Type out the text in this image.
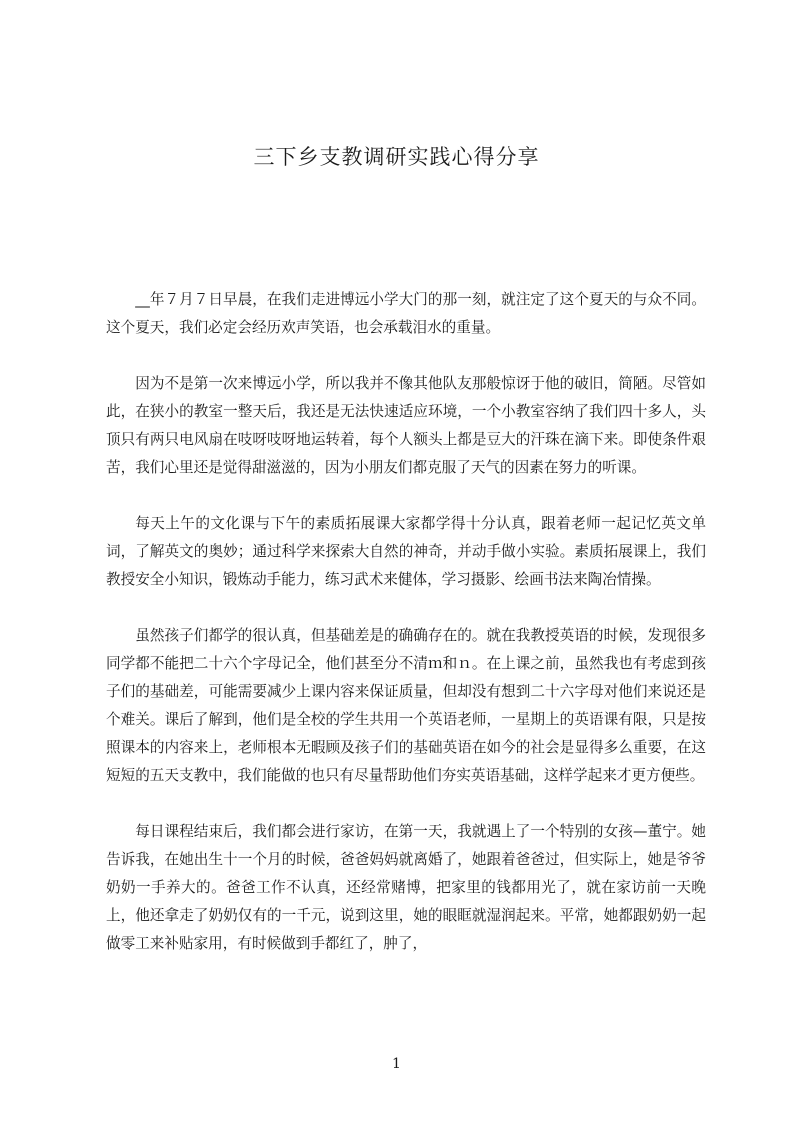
三下乡支教调研实践心得分享

__年７月７日早晨，在我们走进博远小学大门的那一刻，就注定了这个夏天的与众不同。这个夏天，我们必定会经历欢声笑语，也会承载泪水的重量。

因为不是第一次来博远小学，所以我并不像其他队友那般惊讶于他的破旧，简陋。尽管如此，在狭小的教室一整天后，我还是无法快速适应环境，一个小教室容纳了我们四十多人，头顶只有两只电风扇在吱呀吱呀地运转着，每个人额头上都是豆大的汗珠在滴下来。即使条件艰苦，我们心里还是觉得甜滋滋的，因为小朋友们都克服了天气的因素在努力的听课。

每天上午的文化课与下午的素质拓展课大家都学得十分认真，跟着老师一起记忆英文单词，了解英文的奥妙；通过科学来探索大自然的神奇，并动手做小实验。素质拓展课上，我们教授安全小知识，锻炼动手能力，练习武术来健体，学习摄影、绘画书法来陶冶情操。

虽然孩子们都学的很认真，但基础差是的确确存在的。就在我教授英语的时候，发现很多同学都不能把二十六个字母记全，他们甚至分不清ｍ和ｎ。在上课之前，虽然我也有考虑到孩子们的基础差，可能需要减少上课内容来保证质量，但却没有想到二十六字母对他们来说还是个难关。课后了解到，他们是全校的学生共用一个英语老师，一星期上的英语课有限，只是按照课本的内容来上，老师根本无暇顾及孩子们的基础英语在如今的社会是显得多么重要，在这短短的五天支教中，我们能做的也只有尽量帮助他们夯实英语基础，这样学起来才更方便些。

每日课程结束后，我们都会进行家访，在第一天，我就遇上了一个特别的女孩—董宁。她告诉我，在她出生十一个月的时候，爸爸妈妈就离婚了，她跟着爸爸过，但实际上，她是爷爷奶奶一手养大的。爸爸工作不认真，还经常赌博，把家里的钱都用光了，就在家访前一天晚上，他还拿走了奶奶仅有的一千元，说到这里，她的眼眶就湿润起来。平常，她都跟奶奶一起做零工来补贴家用，有时候做到手都红了，肿了，

1
